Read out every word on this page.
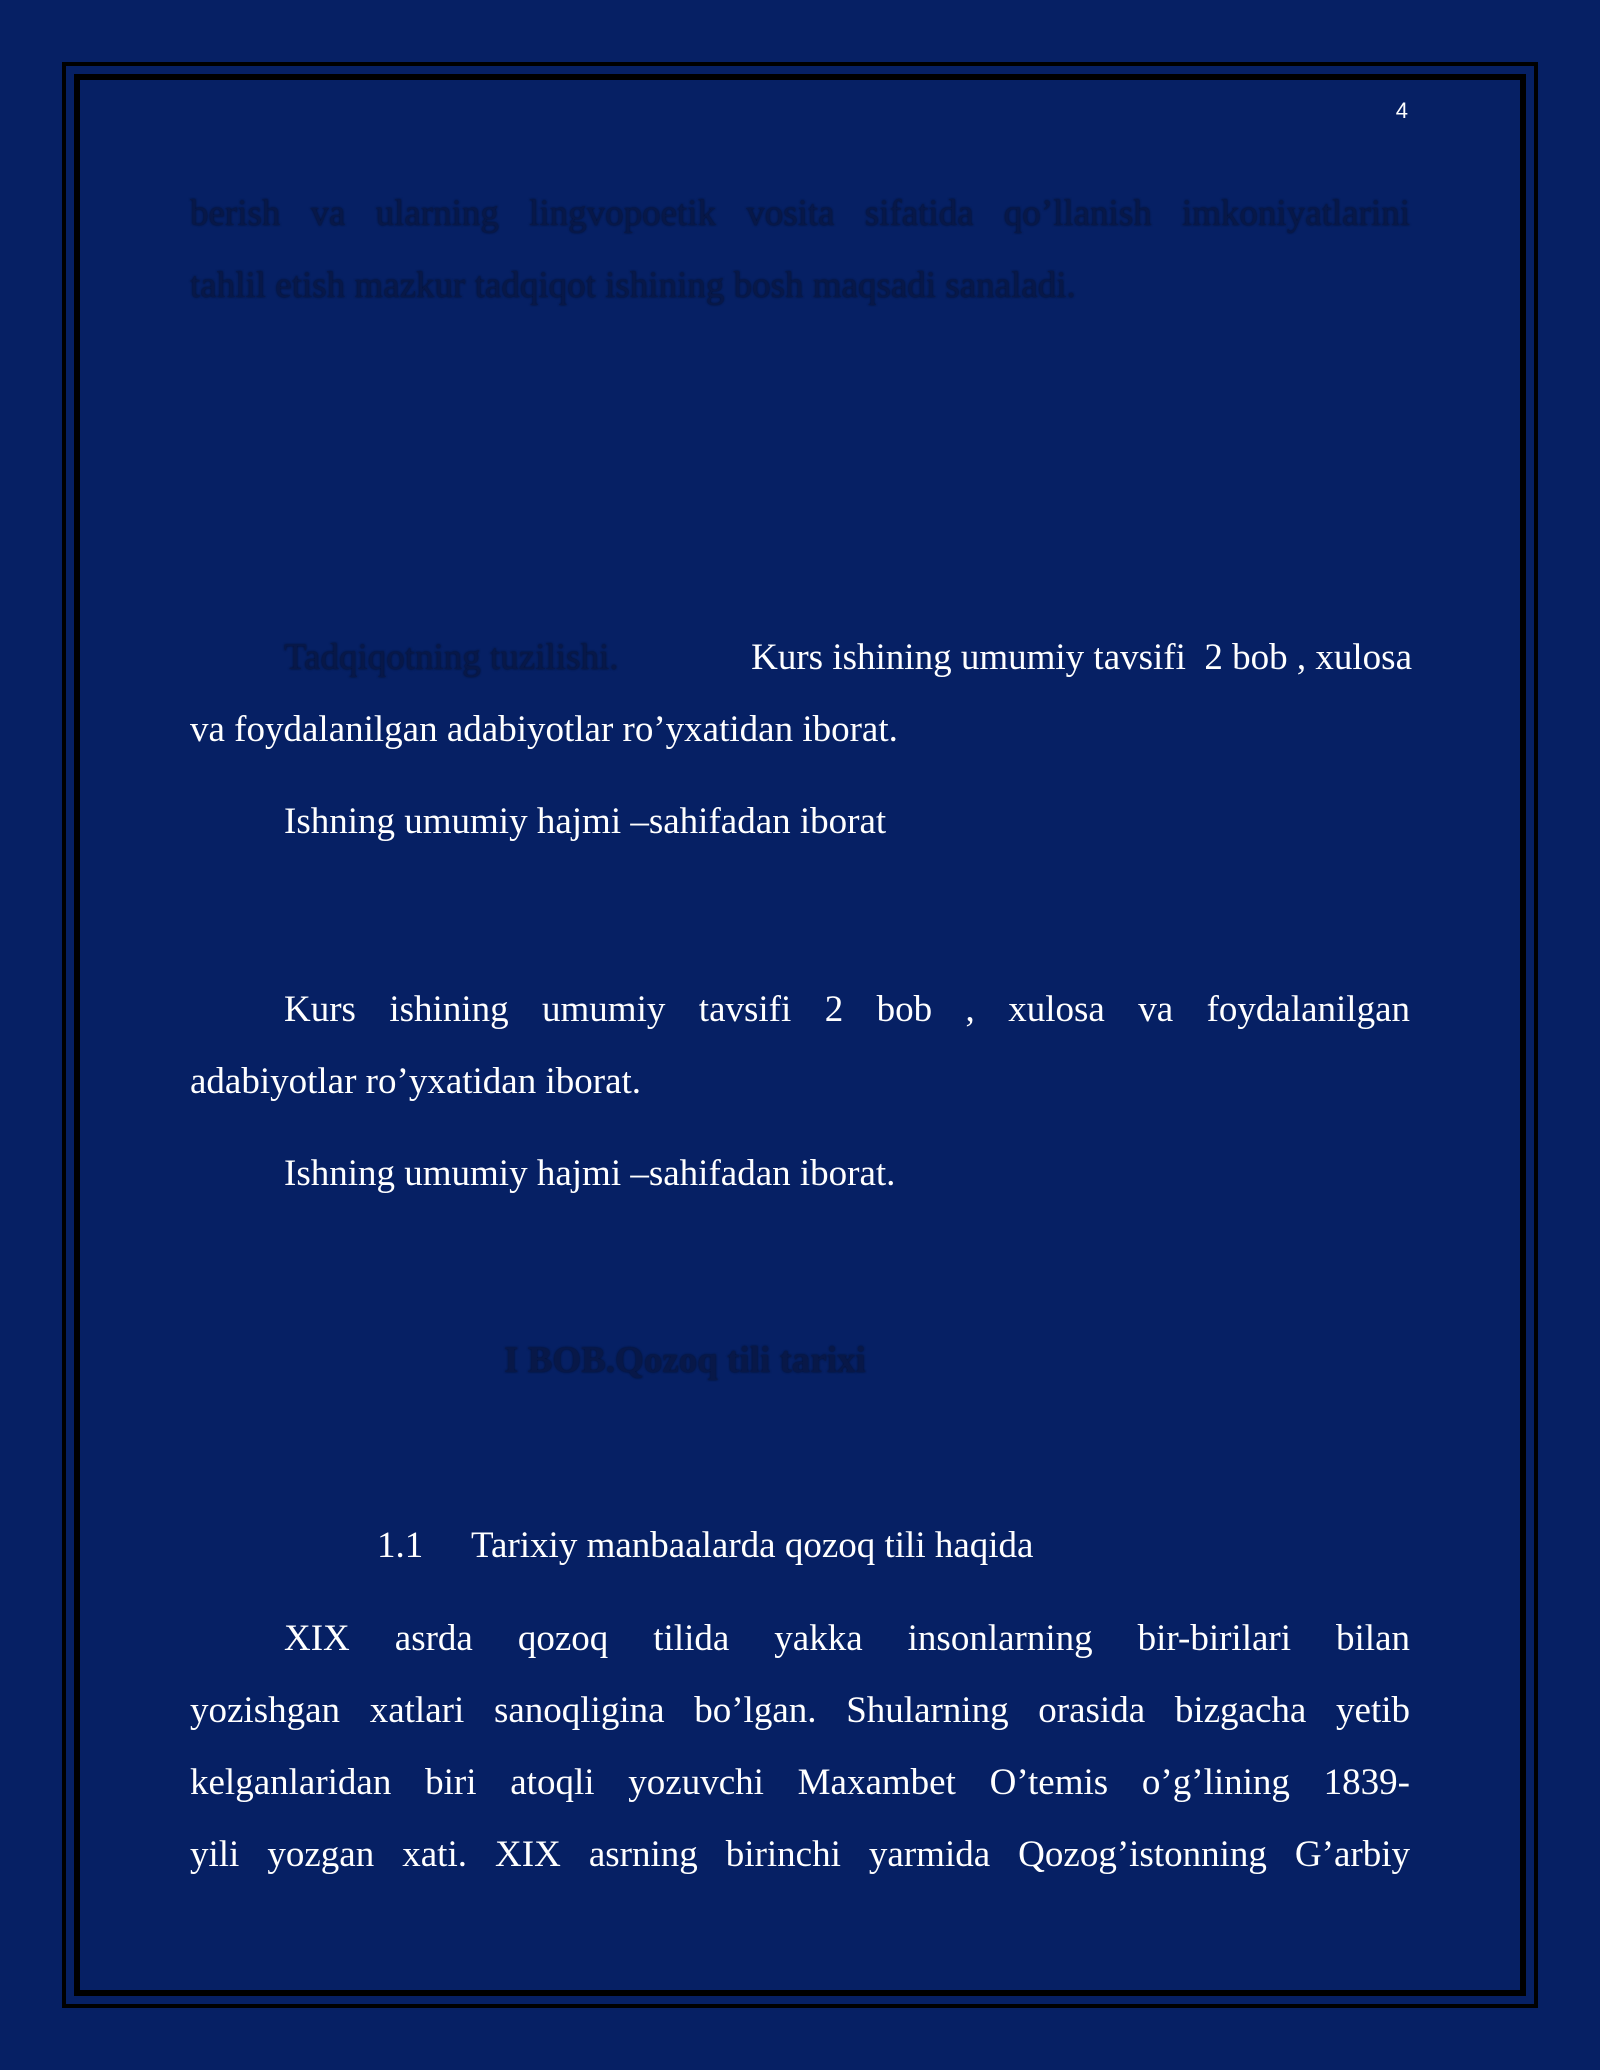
4
berish va ularning lingvopoetik vosita sifatida qo’llanish imkoniyatlarini
tahlil etish mazkur tadqiqot ishining bosh maqsadi sanaladi.
Tadqiqotning tuzilishi.	Kurs ishining umumiy tavsifi  2 bob , xulosa
va foydalanilgan adabiyotlar ro’yxatidan iborat.
Ishning umumiy hajmi –sahifadan iborat
Kurs ishining umumiy tavsifi 2 bob , xulosa va foydalanilgan
adabiyotlar ro’yxatidan iborat.
Ishning umumiy hajmi –sahifadan iborat.
I BOB.Qozoq tili tarixi
1.1 Tarixiy manbaalarda qozoq tili haqida
XIX asrda qozoq tilida yakka insonlarning bir-birilari bilan
yozishgan xatlari sanoqligina bo’lgan. Shularning orasida bizgacha yetib
kelganlaridan biri atoqli yozuvchi Maxambet O’temis o’g’lining 1839-
yili yozgan xati. XIX asrning birinchi yarmida Qozog’istonning G’arbiy
